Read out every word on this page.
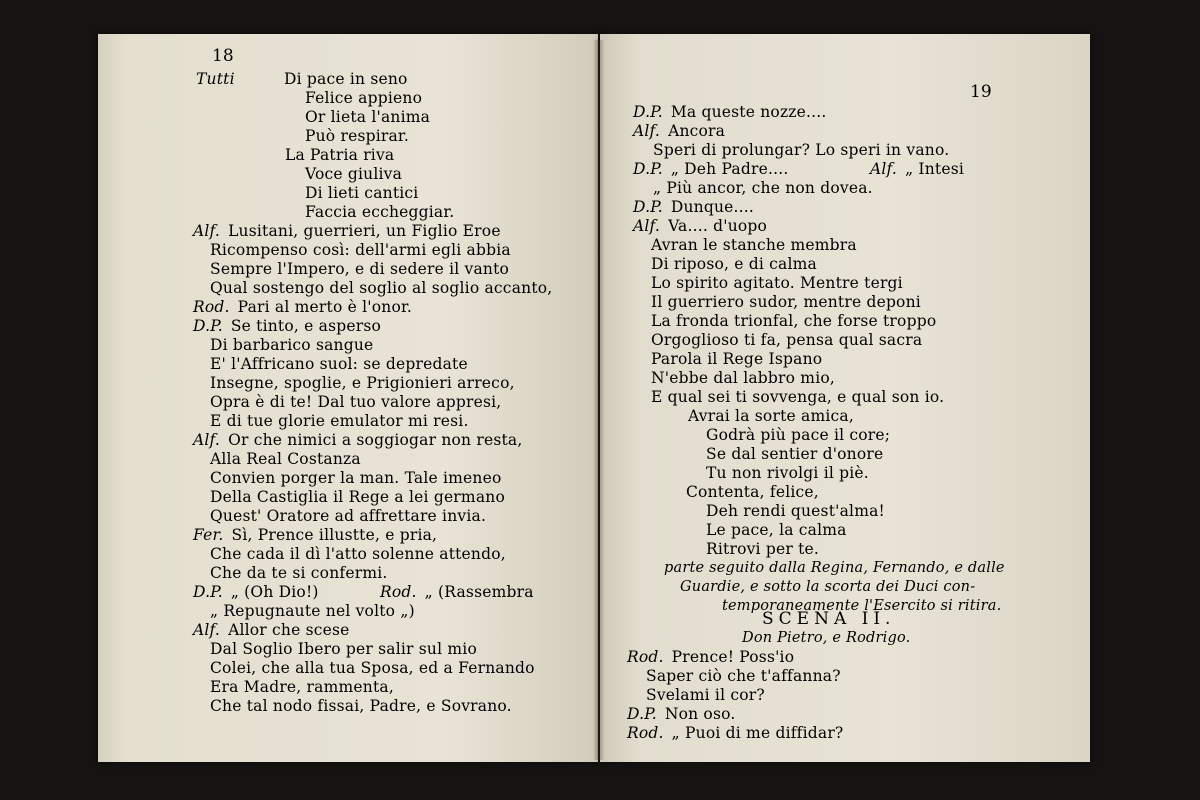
18
Tutti	Di pace in seno
Felice appieno
Or lieta l'anima
Può respirar.
La Patria riva
Voce giuliva
Di lieti cantici
Faccia eccheggiar.
Alf. Lusitani, guerrieri, un Figlio Eroe
Ricompenso così: dell'armi egli abbia
Sempre l'Impero, e di sedere il vanto
Qual sostengo del soglio al soglio accanto,
Rod. Pari al merto è l'onor.
D.P. Se tinto, e asperso
Di barbarico sangue
E' l'Affricano suol: se depredate
Insegne, spoglie, e Prigionieri arreco,
Opra è di te! Dal tuo valore appresi,
E di tue glorie emulator mi resi.
Alf. Or che nimici a soggiogar non resta,
Alla Real Costanza
Convien porger la man. Tale imeneo
Della Castiglia il Rege a lei germano
Quest' Oratore ad affrettare invia.
Fer. Sì, Prence illustte, e pria,
Che cada il dì l'atto solenne attendo,
Che da te si confermi.
D.P. „ (Oh Dio!)	Rod. „ (Rassembra
„ Repugnaute nel volto „)
Alf. Allor che scese
Dal Soglio Ibero per salir sul mio
Colei, che alla tua Sposa, ed a Fernando
Era Madre, rammenta,
Che tal nodo fissai, Padre, e Sovrano.
19
D.P. Ma queste nozze....
Alf. Ancora
Speri di prolungar? Lo speri in vano.
D.P. „ Deh Padre....	Alf. „ Intesi
„ Più ancor, che non dovea.
D.P. Dunque....
Alf. Va.... d'uopo
Avran le stanche membra
Di riposo, e di calma
Lo spirito agitato. Mentre tergi
Il guerriero sudor, mentre deponi
La fronda trionfal, che forse troppo
Orgoglioso ti fa, pensa qual sacra
Parola il Rege Ispano
N'ebbe dal labbro mio,
E qual sei ti sovvenga, e qual son io.
Avrai la sorte amica,
Godrà più pace il core;
Se dal sentier d'onore
Tu non rivolgi il piè.
Contenta, felice,
Deh rendi quest'alma!
Le pace, la calma
Ritrovi per te.
parte seguito dalla Regina, Fernando, e dalle
Guardie, e sotto la scorta dei Duci con-
temporaneamente l'Esercito si ritira.
SCENA II.
Don Pietro, e Rodrigo.
Rod. Prence! Poss'io
Saper ciò che t'affanna?
Svelami il cor?
D.P. Non oso.
Rod. „ Puoi di me diffidar?
